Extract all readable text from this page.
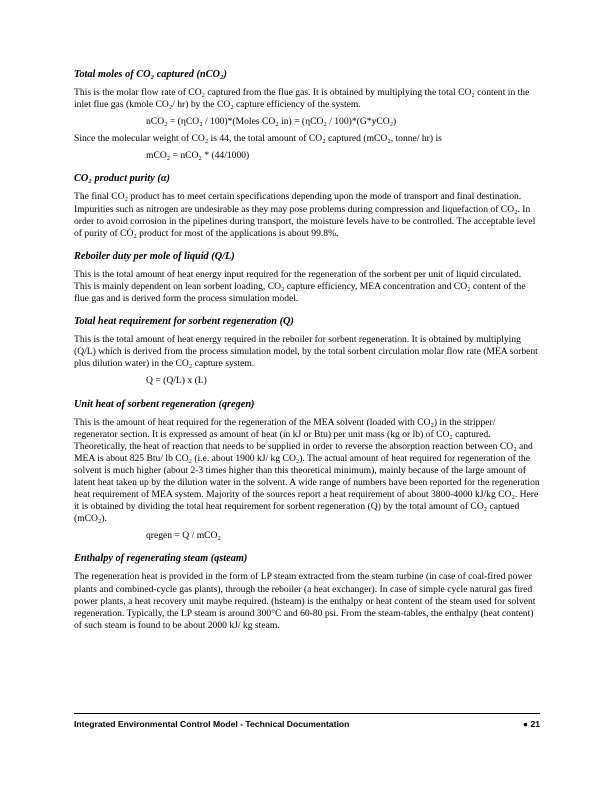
Total moles of CO₂ captured (nCO₂)
This is the molar flow rate of CO₂ captured from the flue gas. It is obtained by multiplying the total CO₂ content in the inlet flue gas (kmole CO₂/ hr) by the CO₂ capture efficiency of the system.
nCO₂ = (ηCO₂ / 100)*(Moles CO₂ in) = (ηCO₂ / 100)*(G*yCO₂)
Since the molecular weight of CO₂ is 44, the total amount of CO₂ captured (mCO₂, tonne/ hr) is
mCO₂ = nCO₂ * (44/1000)
CO₂ product purity (α)
The final CO₂ product has to meet certain specifications depending upon the mode of transport and final destination. Impurities such as nitrogen are undesirable as they may pose problems during compression and liquefaction of CO₂. In order to avoid corrosion in the pipelines during transport, the moisture levels have to be controlled. The acceptable level of purity of CO₂ product for most of the applications is about 99.8%.
Reboiler duty per mole of liquid (Q/L)
This is the total amount of heat energy input required for the regeneration of the sorbent per unit of liquid circulated. This is mainly dependent on lean sorbent loading, CO₂ capture efficiency, MEA concentration and CO₂ content of the flue gas and is derived form the process simulation model.
Total heat requirement for sorbent regeneration (Q)
This is the total amount of heat energy required in the reboiler for sorbent regeneration. It is obtained by multiplying (Q/L) which is derived from the process simulation model, by the total sorbent circulation molar flow rate (MEA sorbent plus dilution water) in the CO₂ capture system.
Q = (Q/L) x (L)
Unit heat of sorbent regeneration (qregen)
This is the amount of heat required for the regeneration of the MEA solvent (loaded with CO₂) in the stripper/ regenerator section. It is expressed as amount of heat (in kJ or Btu) per unit mass (kg or lb) of CO₂ captured. Theoretically, the heat of reaction that needs to be supplied in order to reverse the absorption reaction between CO₂ and MEA is about 825 Btu/ lb CO₂ (i.e. about 1900 kJ/ kg CO₂). The actual amount of heat required for regeneration of the solvent is much higher (about 2-3 times higher than this theoretical minimum), mainly because of the large amount of latent heat taken up by the dilution water in the solvent. A wide range of numbers have been reported for the regeneration heat requirement of MEA system. Majority of the sources report a heat requirement of about 3800-4000 kJ/kg CO₂. Here it is obtained by dividing the total heat requirement for sorbent regeneration (Q) by the total amount of CO₂ captued (mCO₂).
qregen = Q / mCO₂
Enthalpy of regenerating steam (qsteam)
The regeneration heat is provided in the form of LP steam extracted from the steam turbine (in case of coal-fired power plants and combined-cycle gas plants), through the reboiler (a heat exchanger). In case of simple cycle natural gas fired power plants, a heat recovery unit maybe required. (hsteam) is the enthalpy or heat content of the steam used for solvent regeneration. Typically, the LP steam is around 300°C and 60-80 psi. From the steam-tables, the enthalpy (heat content) of such steam is found to be about 2000 kJ/ kg steam.
Integrated Environmental Control Model - Technical Documentation	● 21
